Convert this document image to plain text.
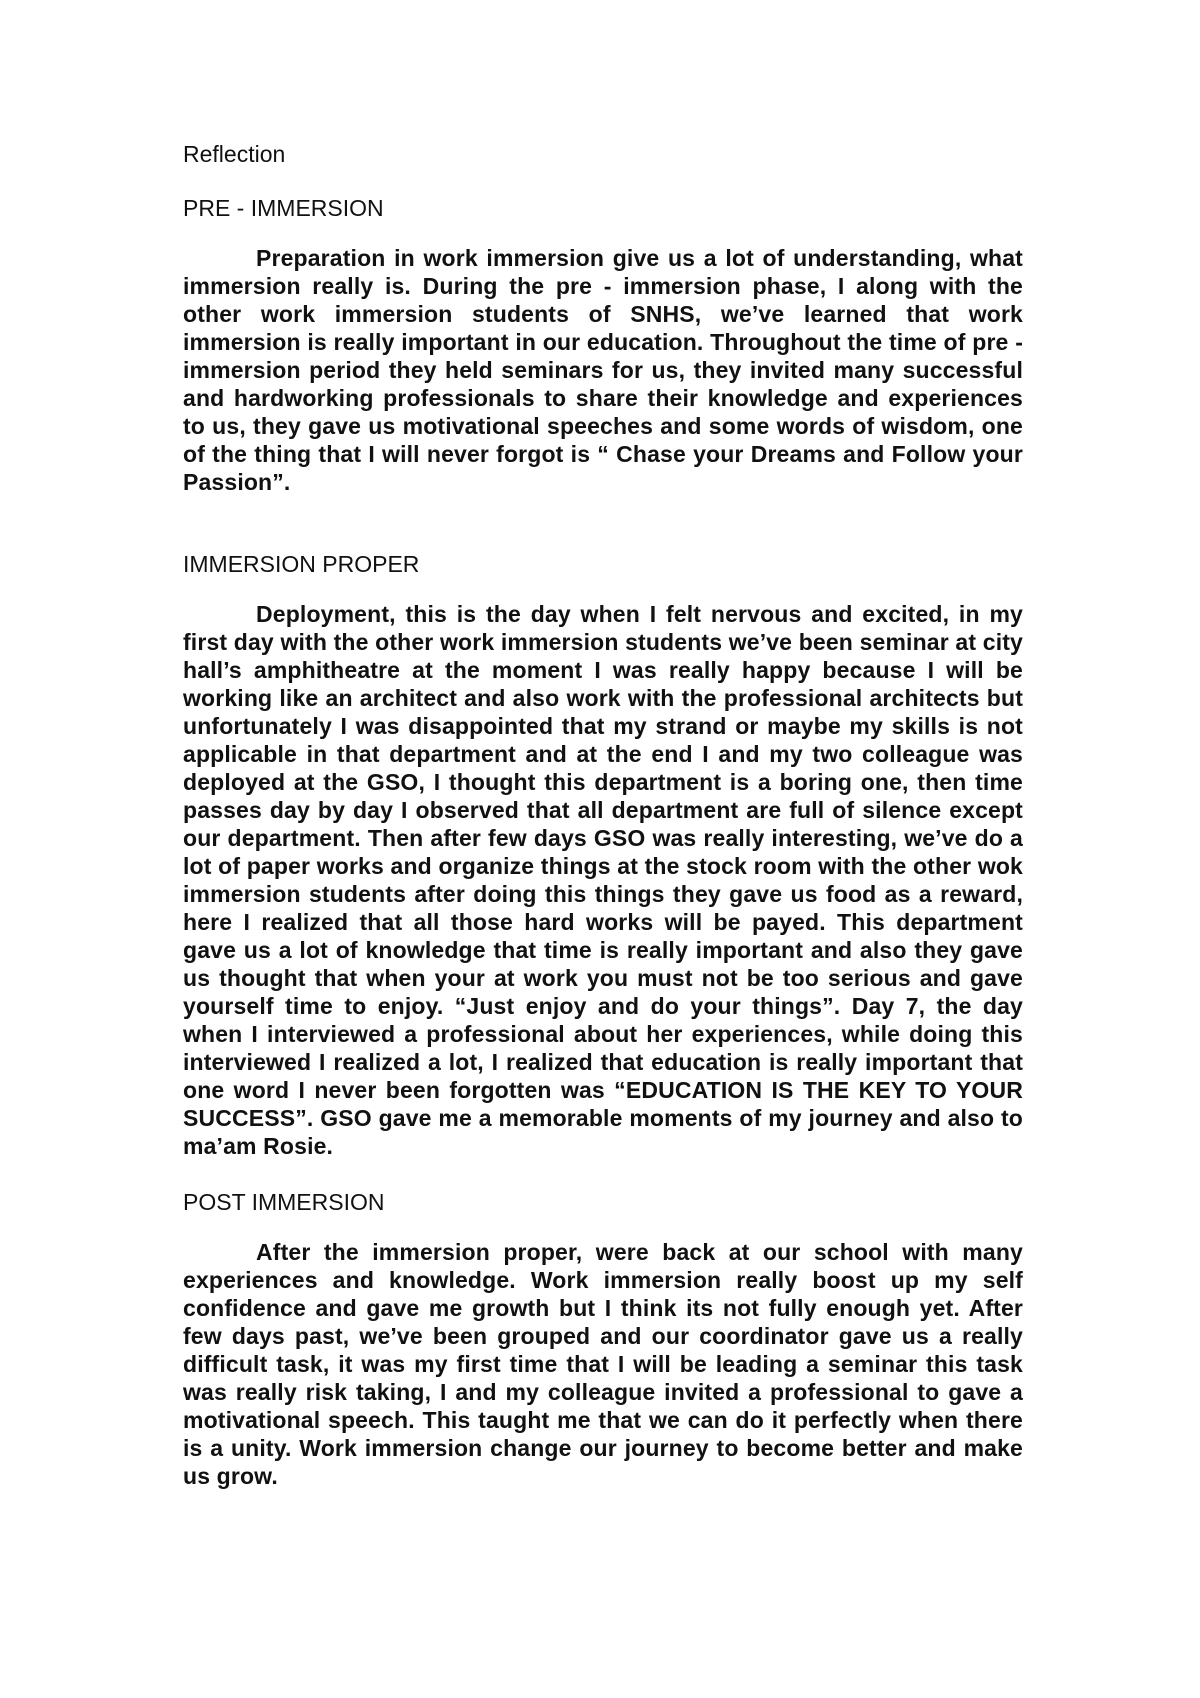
Reflection
PRE - IMMERSION

Preparation in work immersion give us a lot of understanding, what immersion really is. During the pre - immersion phase, I along with the other work immersion students of SNHS, we’ve learned that work immersion is really important in our education. Throughout the time of pre - immersion period they held seminars for us, they invited many successful and hardworking professionals to share their knowledge and experiences to us, they gave us motivational speeches and some words of wisdom, one of the thing that I will never forgot is “ Chase your Dreams and Follow your Passion”.

IMMERSION PROPER

Deployment, this is the day when I felt nervous and excited, in my first day with the other work immersion students we’ve been seminar at city hall’s amphitheatre at the moment I was really happy because I will be working like an architect and also work with the professional architects but unfortunately I was disappointed that my strand or maybe my skills is not applicable in that department and at the end I and my two colleague was deployed at the GSO, I thought this department is a boring one, then time passes day by day I observed that all department are full of silence except our department. Then after few days GSO was really interesting, we’ve do a lot of paper works and organize things at the stock room with the other wok immersion students after doing this things they gave us food as a reward, here I realized that all those hard works will be payed. This department gave us a lot of knowledge that time is really important and also they gave us thought that when your at work you must not be too serious and gave yourself time to enjoy. “Just enjoy and do your things”. Day 7, the day when I interviewed a professional about her experiences, while doing this interviewed I realized a lot, I realized that education is really important that one word I never been forgotten was “EDUCATION IS THE KEY TO YOUR SUCCESS”. GSO gave me a memorable moments of my journey and also to ma’am Rosie.

POST IMMERSION

After the immersion proper, were back at our school with many experiences and knowledge. Work immersion really boost up my self confidence and gave me growth but I think its not fully enough yet. After few days past, we’ve been grouped and our coordinator gave us a really difficult task, it was my first time that I will be leading a seminar this task was really risk taking, I and my colleague invited a professional to gave a motivational speech. This taught me that we can do it perfectly when there is a unity. Work immersion change our journey to become better and make us grow.
